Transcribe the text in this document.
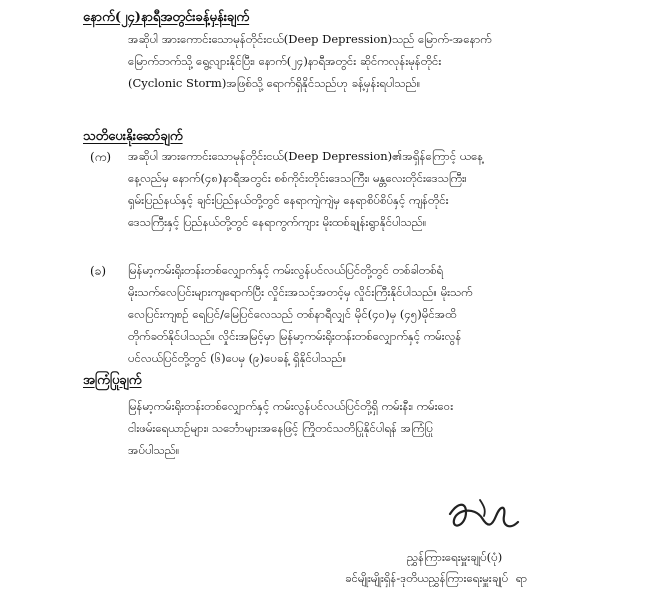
နောက်(၂၄)နာရီအတွင်းခန့်မှန်းချက်
အဆိုပါ အားကောင်းသောမုန်တိုင်းငယ်(Deep Depression)သည် မြောက်-အနောက်
မြောက်ဘက်သို့ ရွေ့လျားနိုင်ပြီး၊ နောက်(၂၄)နာရီအတွင်း ဆိုင်ကလုန်းမုန်တိုင်း
(Cyclonic Storm)အဖြစ်သို့ ရောက်ရှိနိုင်သည်ဟု ခန့်မှန်းရပါသည်။
သတိပေးနိုးဆော်ချက်
(က) အဆိုပါ အားကောင်းသောမုန်တိုင်းငယ်(Deep Depression)၏အရှိန်ကြောင့် ယနေ့
နေ့လည်မှ နောက်(၄၈)နာရီအတွင်း စစ်ကိုင်းတိုင်းဒေသကြီး၊ မန္တလေးတိုင်းဒေသကြီး၊
ရှမ်းပြည်နယ်နှင့် ချင်းပြည်နယ်တို့တွင် နေရာကျဲကျဲမှ နေရာစိပ်စိပ်နှင့် ကျန်တိုင်း
ဒေသကြီးနှင့် ပြည်နယ်တို့တွင် နေရာကွက်ကျား မိုးထစ်ချုန်းရွာနိုင်ပါသည်။
(ခ) မြန်မာ့ကမ်းရိုးတန်းတစ်လျှောက်နှင့် ကမ်းလွန်ပင်လယ်ပြင်တို့တွင် တစ်ခါတစ်ရံ
မိုးသက်လေပြင်းများကျရောက်ပြီး လှိုင်းအသင့်အတင့်မှ လှိုင်းကြီးနိုင်ပါသည်။ မိုးသက်
လေပြင်းကျစဉ် ရေပြင်/မြေပြင်လေသည် တစ်နာရီလျှင် မိုင်(၄၀)မှ (၄၅)မိုင်အထိ
တိုက်ခတ်နိုင်ပါသည်။ လှိုင်းအမြင့်မှာ မြန်မာ့ကမ်းရိုးတန်းတစ်လျှောက်နှင့် ကမ်းလွန်
ပင်လယ်ပြင်တို့တွင် (၆)ပေမှ (၉)ပေခန့် ရှိနိုင်ပါသည်။
အကြံပြုချက်
မြန်မာ့ကမ်းရိုးတန်းတစ်လျှောက်နှင့် ကမ်းလွန်ပင်လယ်ပြင်တို့ရှိ ကမ်းနီး၊ ကမ်းဝေး
ငါးဖမ်းရေယာဉ်များ၊ သင်္ဘောများအနေဖြင့် ကြိုတင်သတိပြုနိုင်ပါရန် အကြံပြု
အပ်ပါသည်။
ညွှန်ကြားရေးမှူးချုပ်(ပုံ)
ခင်မျိုးမျိုးရှိန်-ဒုတိယညွှန်ကြားရေးမှူးချုပ် ရာ
